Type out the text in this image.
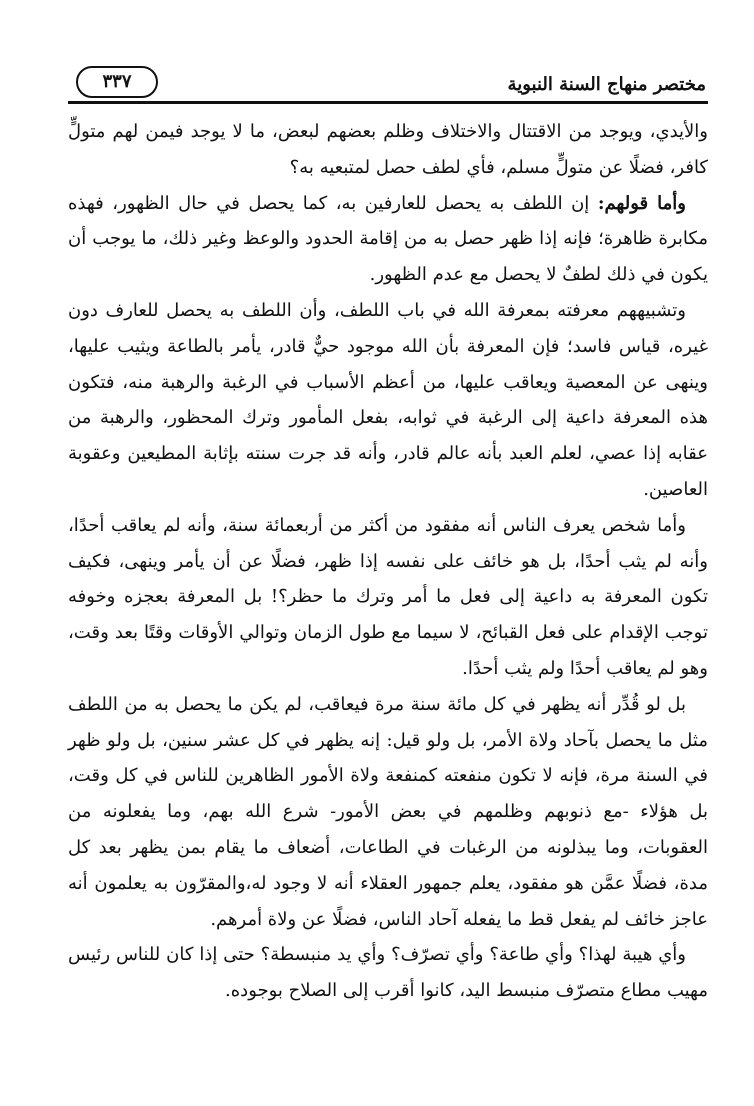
مختصر منهاج السنة النبوية
٣٣٧

والأيدي، ويوجد من الاقتتال والاختلاف وظلم بعضهم لبعض، ما لا يوجد فيمن لهم متولٍّ كافر، فضلًا عن متولٍّ مسلم، فأي لطف حصل لمتبعيه به؟

وأما قولهم: إن اللطف به يحصل للعارفين به، كما يحصل في حال الظهور، فهذه مكابرة ظاهرة؛ فإنه إذا ظهر حصل به من إقامة الحدود والوعظ وغير ذلك، ما يوجب أن يكون في ذلك لطفٌ لا يحصل مع عدم الظهور.

وتشبيههم معرفته بمعرفة الله في باب اللطف، وأن اللطف به يحصل للعارف دون غيره، قياس فاسد؛ فإن المعرفة بأن الله موجود حيٌّ قادر، يأمر بالطاعة ويثيب عليها، وينهى عن المعصية ويعاقب عليها، من أعظم الأسباب في الرغبة والرهبة منه، فتكون هذه المعرفة داعية إلى الرغبة في ثوابه، بفعل المأمور وترك المحظور، والرهبة من عقابه إذا عصي، لعلم العبد بأنه عالم قادر، وأنه قد جرت سنته بإثابة المطيعين وعقوبة العاصين.

وأما شخص يعرف الناس أنه مفقود من أكثر من أربعمائة سنة، وأنه لم يعاقب أحدًا، وأنه لم يثب أحدًا، بل هو خائف على نفسه إذا ظهر، فضلًا عن أن يأمر وينهى، فكيف تكون المعرفة به داعية إلى فعل ما أمر وترك ما حظر؟! بل المعرفة بعجزه وخوفه توجب الإقدام على فعل القبائح، لا سيما مع طول الزمان وتوالي الأوقات وقتًا بعد وقت، وهو لم يعاقب أحدًا ولم يثب أحدًا.

بل لو قُدِّر أنه يظهر في كل مائة سنة مرة فيعاقب، لم يكن ما يحصل به من اللطف مثل ما يحصل بآحاد ولاة الأمر، بل ولو قيل: إنه يظهر في كل عشر سنين، بل ولو ظهر في السنة مرة، فإنه لا تكون منفعته كمنفعة ولاة الأمور الظاهرين للناس في كل وقت، بل هؤلاء -مع ذنوبهم وظلمهم في بعض الأمور- شرع الله بهم، وما يفعلونه من العقوبات، وما يبذلونه من الرغبات في الطاعات، أضعاف ما يقام بمن يظهر بعد كل مدة، فضلًا عمَّن هو مفقود، يعلم جمهور العقلاء أنه لا وجود له،والمقرّون به يعلمون أنه عاجز خائف لم يفعل قط ما يفعله آحاد الناس، فضلًا عن ولاة أمرهم.

وأي هيبة لهذا؟ وأي طاعة؟ وأي تصرّف؟ وأي يد منبسطة؟ حتى إذا كان للناس رئيس مهيب مطاع متصرّف منبسط اليد، كانوا أقرب إلى الصلاح بوجوده.
